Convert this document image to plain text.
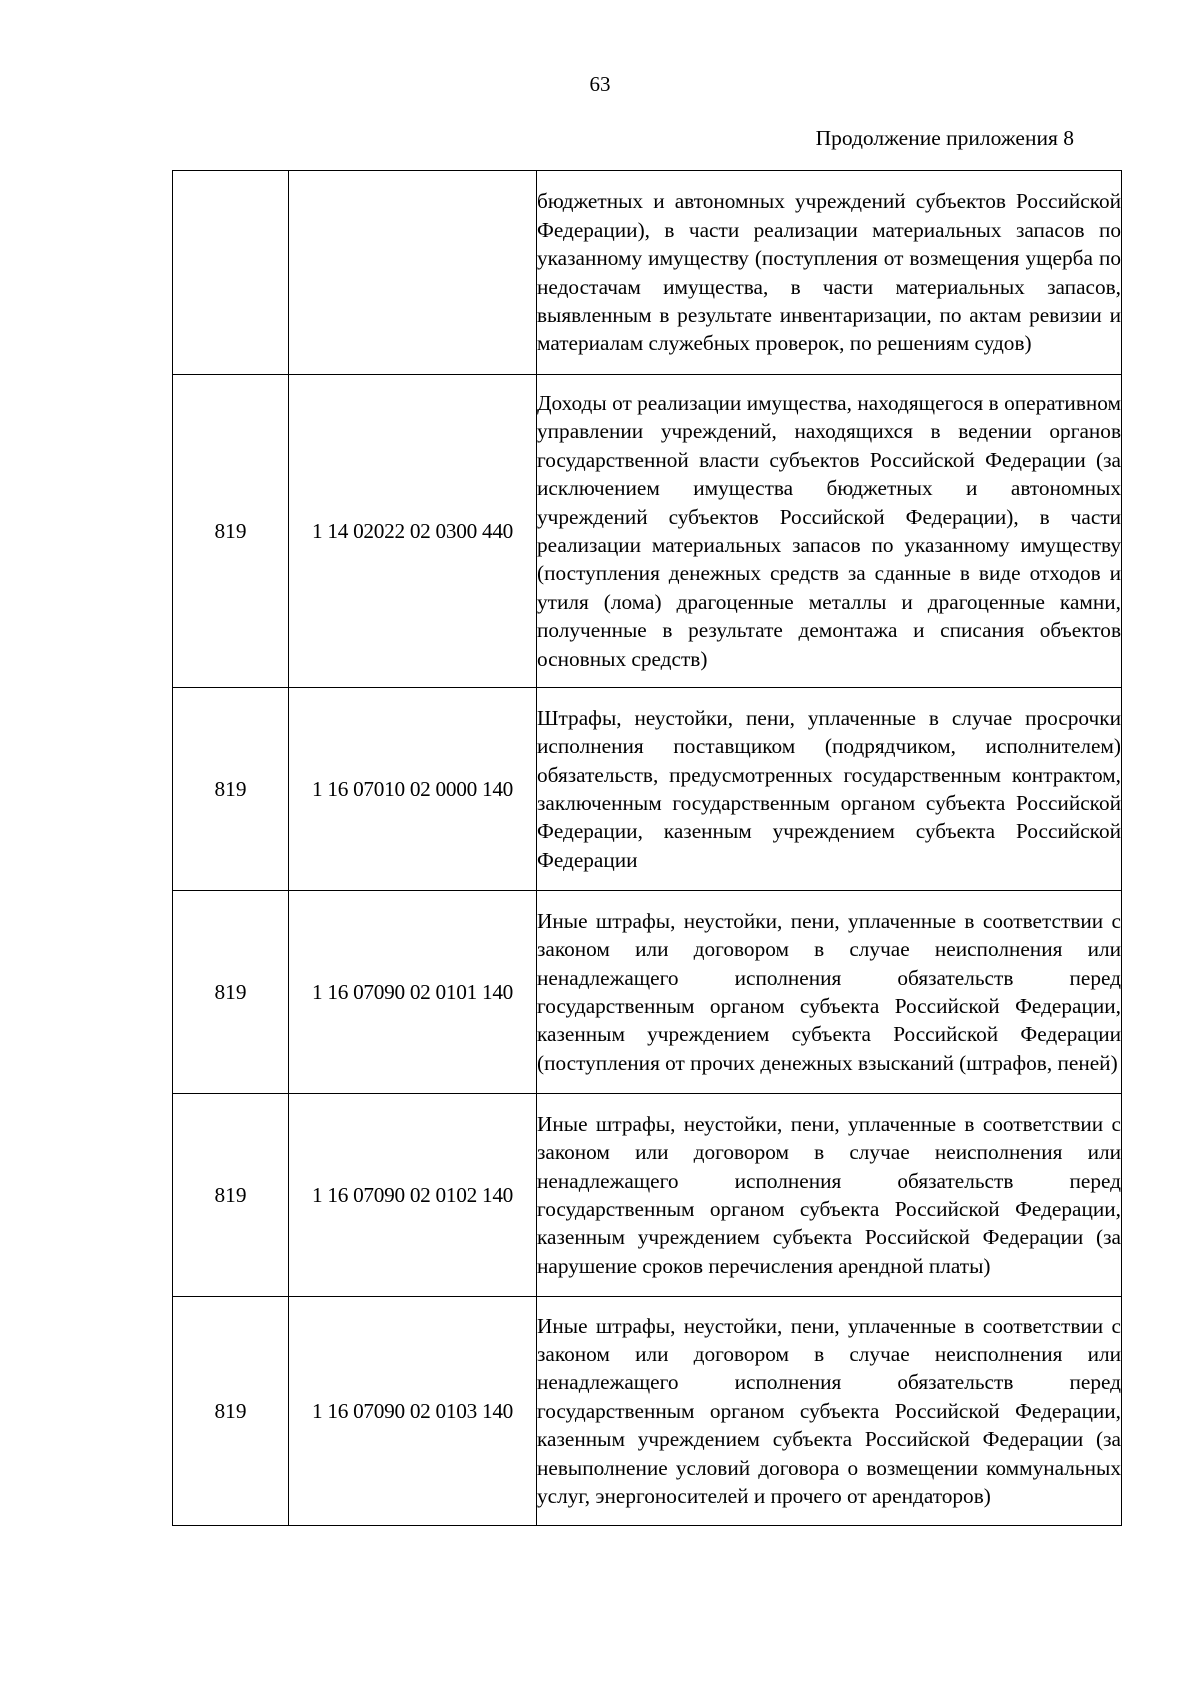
63
Продолжение приложения 8
		бюджетных и автономных учреждений субъектов Российской Федерации), в части реализации материальных запасов по указанному имуществу (поступления от возмещения ущерба по недостачам имущества, в части материальных запасов, выявленным в результате инвентаризации, по актам ревизии и материалам служебных проверок, по решениям судов)
819	1 14 02022 02 0300 440	Доходы от реализации имущества, находящегося в оперативном управлении учреждений, находящихся в ведении органов государственной власти субъектов Российской Федерации (за исключением имущества бюджетных и автономных учреждений субъектов Российской Федерации), в части реализации материальных запасов по указанному имуществу (поступления денежных средств за сданные в виде отходов и утиля (лома) драгоценные металлы и драгоценные камни, полученные в результате демонтажа и списания объектов основных средств)
819	1 16 07010 02 0000 140	Штрафы, неустойки, пени, уплаченные в случае просрочки исполнения поставщиком (подрядчиком, исполнителем) обязательств, предусмотренных государственным контрактом, заключенным государственным органом субъекта Российской Федерации, казенным учреждением субъекта Российской Федерации
819	1 16 07090 02 0101 140	Иные штрафы, неустойки, пени, уплаченные в соответствии с законом или договором в случае неисполнения или ненадлежащего исполнения обязательств перед государственным органом субъекта Российской Федерации, казенным учреждением субъекта Российской Федерации (поступления от прочих денежных взысканий (штрафов, пеней)
819	1 16 07090 02 0102 140	Иные штрафы, неустойки, пени, уплаченные в соответствии с законом или договором в случае неисполнения или ненадлежащего исполнения обязательств перед государственным органом субъекта Российской Федерации, казенным учреждением субъекта Российской Федерации (за нарушение сроков перечисления арендной платы)
819	1 16 07090 02 0103 140	Иные штрафы, неустойки, пени, уплаченные в соответствии с законом или договором в случае неисполнения или ненадлежащего исполнения обязательств перед государственным органом субъекта Российской Федерации, казенным учреждением субъекта Российской Федерации (за невыполнение условий договора о возмещении коммунальных услуг, энергоносителей и прочего от арендаторов)
